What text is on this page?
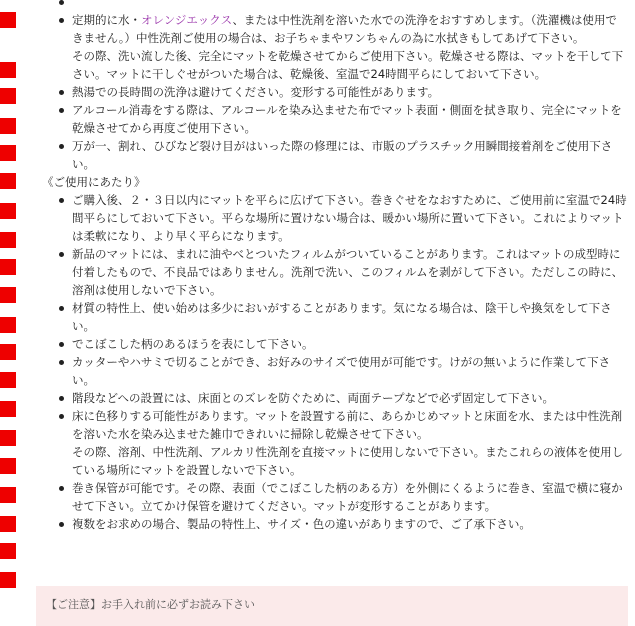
定期的に水・オレンジエックス、または中性洗剤を溶いた水での洗浄をおすすめします。（洗濯機は使用できません。）中性洗剤ご使用の場合は、お子ちゃまやワンちゃんの為に水拭きもしてあげて下さい。
その際、洗い流した後、完全にマットを乾燥させてからご使用下さい。乾燥させる際は、マットを干して下さい。マットに干しぐせがついた場合は、乾燥後、室温で24時間平らにしておいて下さい。
熱湯での長時間の洗浄は避けてください。変形する可能性があります。
アルコール消毒をする際は、アルコールを染み込ませた布でマット表面・側面を拭き取り、完全にマットを乾燥させてから再度ご使用下さい。
万が一、割れ、ひびなど裂け目がはいった際の修理には、市販のプラスチック用瞬間接着剤をご使用下さい。
《ご使用にあたり》
ご購入後、２・３日以内にマットを平らに広げて下さい。巻きぐせをなおすために、ご使用前に室温で24時間平らにしておいて下さい。平らな場所に置けない場合は、暖かい場所に置いて下さい。これによりマットは柔軟になり、より早く平らになります。
新品のマットには、まれに油やべとついたフィルムがついていることがあります。これはマットの成型時に付着したもので、不良品ではありません。洗剤で洗い、このフィルムを剥がして下さい。ただしこの時に、溶剤は使用しないで下さい。
材質の特性上、使い始めは多少においがすることがあります。気になる場合は、陰干しや換気をして下さい。
でこぼこした柄のあるほうを表にして下さい。
カッターやハサミで切ることができ、お好みのサイズで使用が可能です。けがの無いように作業して下さい。
階段などへの設置には、床面とのズレを防ぐために、両面テープなどで必ず固定して下さい。
床に色移りする可能性があります。マットを設置する前に、あらかじめマットと床面を水、または中性洗剤を溶いた水を染み込ませた雑巾できれいに掃除し乾燥させて下さい。
その際、溶剤、中性洗剤、アルカリ性洗剤を直接マットに使用しないで下さい。またこれらの液体を使用している場所にマットを設置しないで下さい。
巻き保管が可能です。その際、表面（でこぼこした柄のある方）を外側にくるように巻き、室温で横に寝かせて下さい。立てかけ保管を避けてください。マットが変形することがあります。
複数をお求めの場合、製品の特性上、サイズ・色の違いがありますので、ご了承下さい。
【ご注意】お手入れ前に必ずお読み下さい
